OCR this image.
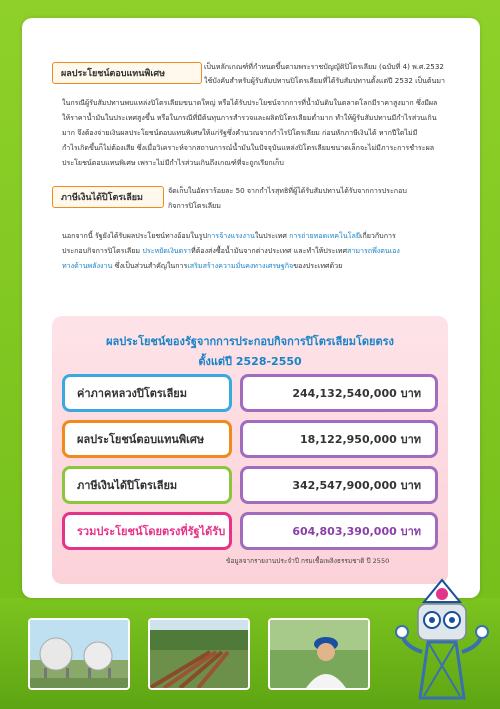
ผลประโยชน์ตอบแทนพิเศษ
เป็นหลักเกณฑ์ที่กำหนดขึ้นตามพระราชบัญญัติปิโตรเลียม (ฉบับที่ 4) พ.ศ.2532
ใช้บังคับสำหรับผู้รับสัมปทานปิโตรเลียมที่ได้รับสัมปทานตั้งแต่ปี 2532 เป็นต้นมา
ในกรณีผู้รับสัมปทานพบแหล่งปิโตรเลียมขนาดใหญ่ หรือได้รับประโยชน์จากการที่น้ำมันดิบในตลาดโลกมีราคาสูงมาก ซึ่งมีผล
ให้ราคาน้ำมันในประเทศสูงขึ้น หรือในกรณีที่มีต้นทุนการสำรวจและผลิตปิโตรเลียมต่ำมาก ทำให้ผู้รับสัมปทานมีกำไรส่วนเกิน
มาก จึงต้องจ่ายเงินผลประโยชน์ตอบแทนพิเศษให้แก่รัฐซึ่งคำนวณจากกำไรปิโตรเลียม ก่อนหักภาษีเงินได้ หากปีใดไม่มี
กำไรเกิดขึ้นก็ไม่ต้องเสีย ซึ่งเมื่อวิเคราะห์จากสถานการณ์น้ำมันในปัจจุบันแหล่งปิโตรเลียมขนาดเล็กจะไม่มีภาระการชำระผล
ประโยชน์ตอบแทนพิเศษ เพราะไม่มีกำไรส่วนเกินถึงเกณฑ์ที่จะถูกเรียกเก็บ
ภาษีเงินได้ปิโตรเลียม
จัดเก็บในอัตราร้อยละ 50 จากกำไรสุทธิที่ผู้ได้รับสัมปทานได้รับจากการประกอบ
กิจการปิโตรเลียม
นอกจากนี้ รัฐยังได้รับผลประโยชน์ทางอ้อมในรูปการจ้างแรงงานในประเทศ การถ่ายทอดเทคโนโลยีเกี่ยวกับการ
ประกอบกิจการปิโตรเลียม ประหยัดเงินตราที่ต้องส่งซื้อน้ำมันจากต่างประเทศ และทำให้ประเทศสามารถพึ่งตนเอง
ทางด้านพลังงาน ซึ่งเป็นส่วนสำคัญในการเสริมสร้างความมั่นคงทางเศรษฐกิจของประเทศด้วย
ผลประโยชน์ของรัฐจากการประกอบกิจการปิโตรเลียมโดยตรง
ตั้งแต่ปี 2528-2550
ค่าภาคหลวงปิโตรเลียม	244,132,540,000 บาท
ผลประโยชน์ตอบแทนพิเศษ	18,122,950,000 บาท
ภาษีเงินได้ปิโตรเลียม	342,547,900,000 บาท
รวมประโยชน์โดยตรงที่รัฐได้รับ	604,803,390,000 บาท
ข้อมูลจากรายงานประจำปี กรมเชื้อเพลิงธรรมชาติ ปี 2550
